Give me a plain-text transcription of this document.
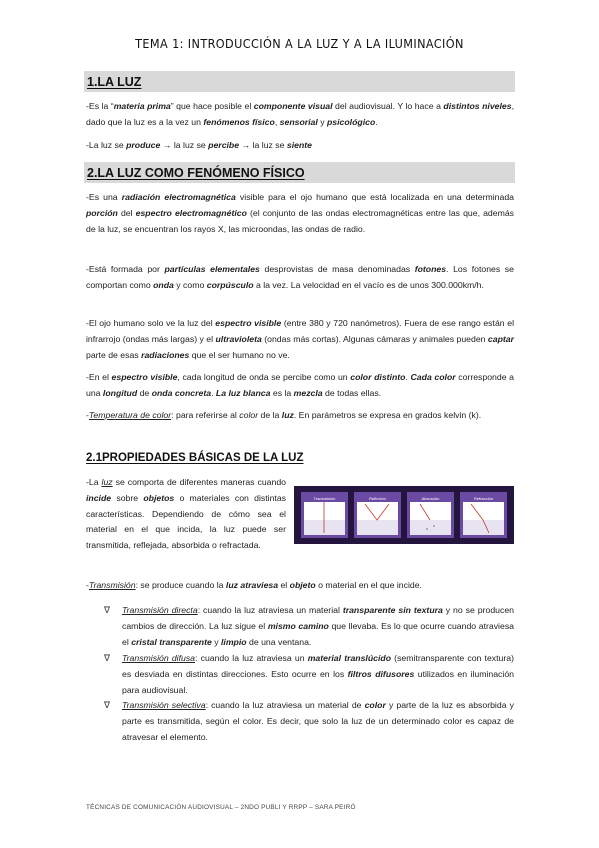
TEMA 1: INTRODUCCIÓN A LA LUZ Y A LA ILUMINACIÓN
1.LA LUZ
-Es la “materia prima” que hace posible el componente visual del audiovisual. Y lo hace a distintos niveles, dado que la luz es a la vez un fenómenos físico, sensorial y psicológico.
-La luz se produce → la luz se percibe → la luz se siente
2.LA LUZ COMO FENÓMENO FÍSICO
-Es una radiación electromagnética visible para el ojo humano que está localizada en una determinada porción del espectro electromagnético (el conjunto de las ondas electromagnéticas entre las que, además de la luz, se encuentran los rayos X, las microondas, las ondas de radio.
-Está formada por partículas elementales desprovistas de masa denominadas fotones. Los fotones se comportan como onda y como corpúsculo a la vez. La velocidad en el vacío es de unos 300.000km/h.
-El ojo humano solo ve la luz del espectro visible (entre 380 y 720 nanómetros). Fuera de ese rango están el infrarrojo (ondas más largas) y el ultravioleta (ondas más cortas). Algunas cámaras y animales pueden captar parte de esas radiaciones que el ser humano no ve.
-En el espectro visible, cada longitud de onda se percibe como un color distinto. Cada color corresponde a una longitud de onda concreta. La luz blanca es la mezcla de todas ellas.
-Temperatura de color: para referirse al color de la luz. En parámetros se expresa en grados kelvin (k).
2.1PROPIEDADES BÁSICAS DE LA LUZ
-La luz se comporta de diferentes maneras cuando incide sobre objetos o materiales con distintas características. Dependiendo de cómo sea el material en el que incida, la luz puede ser transmitida, reflejada, absorbida o refractada.
Transmisión	Reflexión	Absorción	Refracción
-Transmisión: se produce cuando la luz atraviesa el objeto o material en el que incide.
∇ Transmisión directa: cuando la luz atraviesa un material transparente sin textura y no se producen cambios de dirección. La luz sigue el mismo camino que llevaba. Es lo que ocurre cuando atraviesa el cristal transparente y limpio de una ventana.
∇ Transmisión difusa: cuando la luz atraviesa un material translúcido (semitransparente con textura) es desviada en distintas direcciones. Esto ocurre en los filtros difusores utilizados en iluminación para audiovisual.
∇ Transmisión selectiva: cuando la luz atraviesa un material de color y parte de la luz es absorbida y parte es transmitida, según el color. Es decir, que solo la luz de un determinado color es capaz de atravesar el elemento.
TÉCNICAS DE COMUNICACIÓN AUDIOVISUAL – 2NDO PUBLI Y RRPP – SARA PEIRÓ
